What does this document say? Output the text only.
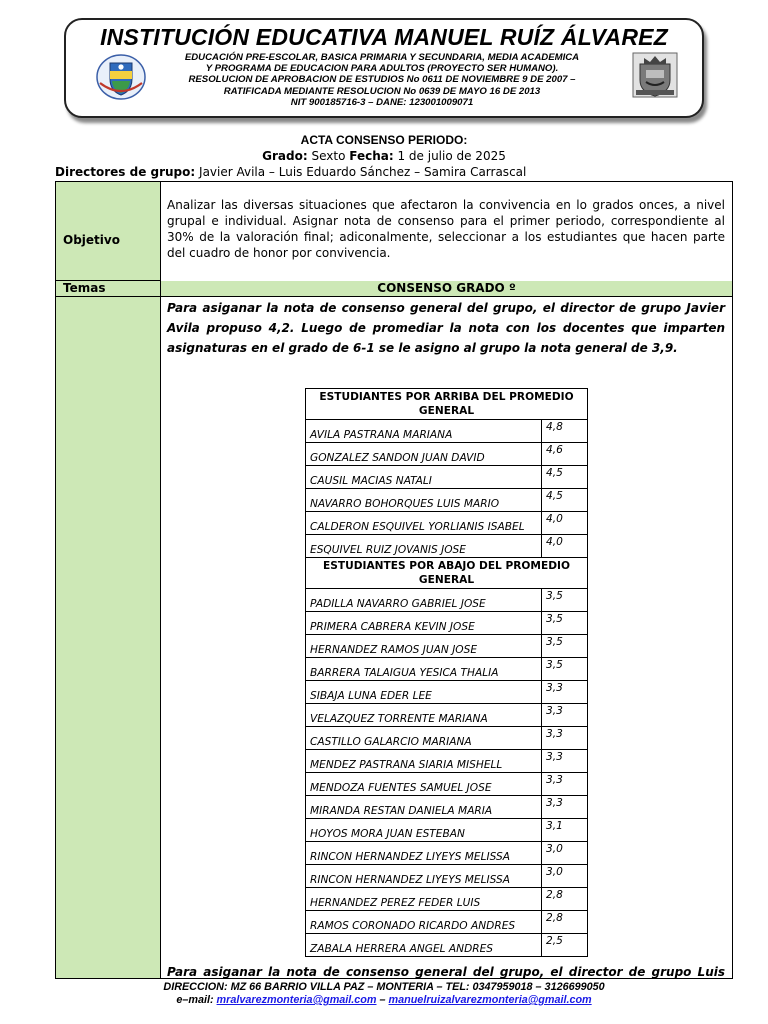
INSTITUCIÓN EDUCATIVA MANUEL RUÍZ ÁLVAREZ
EDUCACIÓN PRE-ESCOLAR, BASICA PRIMARIA Y SECUNDARIA, MEDIA ACADEMICA
Y PROGRAMA DE EDUCACION PARA ADULTOS (PROYECTO SER HUMANO).
RESOLUCION DE APROBACION DE ESTUDIOS No 0611 DE NOVIEMBRE 9 DE 2007 –
RATIFICADA MEDIANTE RESOLUCION No 0639 DE MAYO 16 DE 2013
NIT 900185716-3 – DANE: 123001009071
ACTA CONSENSO PERIODO:
Grado: Sexto Fecha: 1 de julio de 2025
Directores de grupo: Javier Avila – Luis Eduardo Sánchez – Samira Carrascal
Objetivo
Analizar las diversas situaciones que afectaron la convivencia en lo grados onces, a nivel grupal e individual. Asignar nota de consenso para el primer periodo, correspondiente al 30% de la valoración final; adiconalmente, seleccionar a los estudiantes que hacen parte del cuadro de honor por convivencia.
Temas	CONSENSO GRADO º
Para asiganar la nota de consenso general del grupo, el director de grupo Javier Avila propuso 4,2. Luego de promediar la nota con los docentes que imparten asignaturas en el grado de 6-1 se le asigno al grupo la nota general de 3,9.
ESTUDIANTES POR ARRIBA DEL PROMEDIO GENERAL	
AVILA PASTRANA MARIANA	4,8
GONZALEZ SANDON JUAN DAVID	4,6
CAUSIL MACIAS NATALI	4,5
NAVARRO BOHORQUES LUIS MARIO	4,5
CALDERON ESQUIVEL YORLIANIS ISABEL	4,0
ESQUIVEL RUIZ JOVANIS JOSE	4,0
ESTUDIANTES POR ABAJO DEL PROMEDIO GENERAL	
PADILLA NAVARRO GABRIEL JOSE	3,5
PRIMERA CABRERA KEVIN JOSE	3,5
HERNANDEZ RAMOS JUAN JOSE	3,5
BARRERA TALAIGUA YESICA THALIA	3,5
SIBAJA LUNA EDER LEE	3,3
VELAZQUEZ TORRENTE MARIANA	3,3
CASTILLO GALARCIO MARIANA	3,3
MENDEZ PASTRANA SIARIA MISHELL	3,3
MENDOZA FUENTES SAMUEL JOSE	3,3
MIRANDA RESTAN DANIELA MARIA	3,3
HOYOS MORA JUAN ESTEBAN	3,1
RINCON HERNANDEZ LIYEYS MELISSA	3,0
RINCON HERNANDEZ LIYEYS MELISSA	3,0
HERNANDEZ PEREZ FEDER LUIS	2,8
RAMOS CORONADO RICARDO ANDRES	2,8
ZABALA HERRERA ANGEL ANDRES	2,5
Para asiganar la nota de consenso general del grupo, el director de grupo Luis
DIRECCION: MZ 66 BARRIO VILLA PAZ – MONTERIA – TEL: 0347959018 – 3126699050
e–mail: mralvarezmonteria@gmail.com – manuelruizalvarezmonteria@gmail.com
